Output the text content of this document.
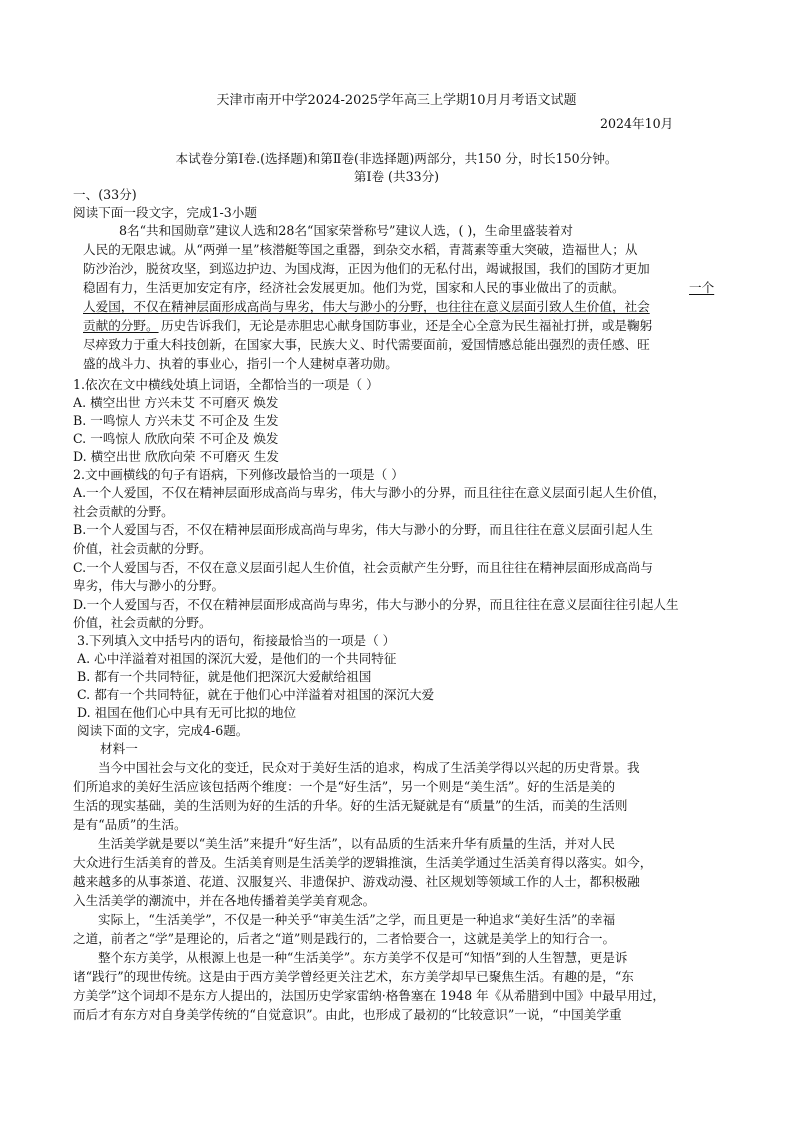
天津市南开中学2024-2025学年高三上学期10月月考语文试题
2024年10月
本试卷分第Ⅰ卷.(选择题)和第Ⅱ卷(非选择题)两部分，共150 分，时长150分钟。
第Ⅰ卷 (共33分)
一、(33分)
阅读下面一段文字，完成1-3小题
8名“共和国勋章”建议人选和28名“国家荣誉称号”建议人选，( )，生命里盛装着对
人民的无限忠诚。从“两弹一星”核潜艇等国之重器，到杂交水稻，青蒿素等重大突破，造福世人；从
防沙治沙，脱贫攻坚，到巡边护边、为国戍海，正因为他们的无私付出，竭诚报国，我们的国防才更加
稳固有力，生活更加安定有序，经济社会发展更加。他们为党，国家和人民的事业做出了的贡献。	一个
人爱国，不仅在精神层面形成高尚与卑劣，伟大与渺小的分野，也往往在意义层面引致人生价值，社会
贡献的分野。 历史告诉我们，无论是赤胆忠心献身国防事业，还是全心全意为民生福祉打拼，或是鞠躬
尽瘁致力于重大科技创新，在国家大事，民族大义、时代需要面前，爱国情感总能出强烈的责任感、旺
盛的战斗力、执着的事业心，指引一个人建树卓著功勋。
1.依次在文中横线处填上词语，全都恰当的一项是（ ）
A. 横空出世 方兴未艾 不可磨灭 焕发
B. 一鸣惊人 方兴未艾 不可企及 生发
C. 一鸣惊人 欣欣向荣 不可企及 焕发
D. 横空出世 欣欣向荣 不可磨灭 生发
2.文中画横线的句子有语病，下列修改最恰当的一项是（ ）
A.一个人爱国，不仅在精神层面形成高尚与卑劣，伟大与渺小的分界，而且往往在意义层面引起人生价值，
社会贡献的分野。
B.一个人爱国与否，不仅在精神层面形成高尚与卑劣，伟大与渺小的分野，而且往往在意义层面引起人生
价值，社会贡献的分野。
C.一个人爱国与否，不仅在意义层面引起人生价值，社会贡献产生分野，而且往往在精神层面形成高尚与
卑劣，伟大与渺小的分野。
D.一个人爱国与否，不仅在精神层面形成高尚与卑劣，伟大与渺小的分界，而且往往在意义层面往往引起人生
价值，社会贡献的分野。
3.下列填入文中括号内的语句，衔接最恰当的一项是（ ）
A. 心中洋溢着对祖国的深沉大爱，是他们的一个共同特征
B. 都有一个共同特征，就是他们把深沉大爱献给祖国
C. 都有一个共同特征，就在于他们心中洋溢着对祖国的深沉大爱
D. 祖国在他们心中具有无可比拟的地位
阅读下面的文字，完成4-6题。
材料一
当今中国社会与文化的变迁，民众对于美好生活的追求，构成了生活美学得以兴起的历史背景。我
们所追求的美好生活应该包括两个维度：一个是“好生活”，另一个则是“美生活”。好的生活是美的
生活的现实基础，美的生活则为好的生活的升华。好的生活无疑就是有“质量”的生活，而美的生活则
是有“品质”的生活。
生活美学就是要以“美生活”来提升“好生活”，以有品质的生活来升华有质量的生活，并对人民
大众进行生活美育的普及。生活美育则是生活美学的逻辑推演，生活美学通过生活美育得以落实。如今，
越来越多的从事茶道、花道、汉服复兴、非遗保护、游戏动漫、社区规划等领域工作的人士，都积极融
入生活美学的潮流中，并在各地传播着美学美育观念。
实际上，“生活美学”，不仅是一种关乎“审美生活”之学，而且更是一种追求“美好生活”的幸福
之道，前者之“学”是理论的，后者之“道”则是践行的，二者恰要合一，这就是美学上的知行合一。
整个东方美学，从根源上也是一种“生活美学”。东方美学不仅是可“知悟”到的人生智慧，更是诉
诸“践行”的现世传统。这是由于西方美学曾经更关注艺术，东方美学却早已聚焦生活。有趣的是，“东
方美学”这个词却不是东方人提出的，法国历史学家雷纳·格鲁塞在 1948 年《从希腊到中国》中最早用过，
而后才有东方对自身美学传统的“自觉意识”。由此，也形成了最初的“比较意识”一说，“中国美学重
